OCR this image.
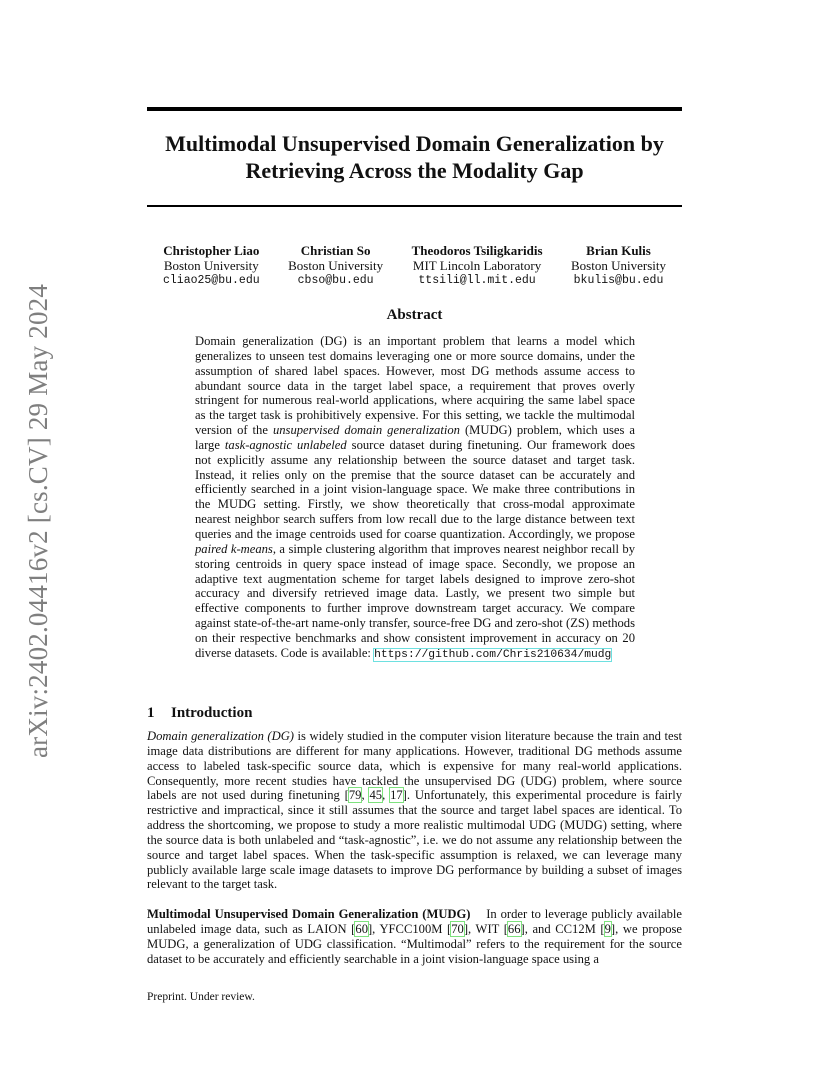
arXiv:2402.04416v2 [cs.CV] 29 May 2024
Multimodal Unsupervised Domain Generalization by Retrieving Across the Modality Gap
Christopher Liao
Boston University
cliao25@bu.edu
Christian So
Boston University
cbso@bu.edu
Theodoros Tsiligkaridis
MIT Lincoln Laboratory
ttsili@ll.mit.edu
Brian Kulis
Boston University
bkulis@bu.edu
Abstract
Domain generalization (DG) is an important problem that learns a model which generalizes to unseen test domains leveraging one or more source domains, under the assumption of shared label spaces. However, most DG methods assume access to abundant source data in the target label space, a requirement that proves overly stringent for numerous real-world applications, where acquiring the same label space as the target task is prohibitively expensive. For this setting, we tackle the multimodal version of the unsupervised domain generalization (MUDG) problem, which uses a large task-agnostic unlabeled source dataset during finetuning. Our framework does not explicitly assume any relationship between the source dataset and target task. Instead, it relies only on the premise that the source dataset can be accurately and efficiently searched in a joint vision-language space. We make three contributions in the MUDG setting. Firstly, we show theoretically that cross-modal approximate nearest neighbor search suffers from low recall due to the large distance between text queries and the image centroids used for coarse quantization. Accordingly, we propose paired k-means, a simple clustering algorithm that improves nearest neighbor recall by storing centroids in query space instead of image space. Secondly, we propose an adaptive text augmentation scheme for target labels designed to improve zero-shot accuracy and diversify retrieved image data. Lastly, we present two simple but effective components to further improve downstream target accuracy. We compare against state-of-the-art name-only transfer, source-free DG and zero-shot (ZS) methods on their respective benchmarks and show consistent improvement in accuracy on 20 diverse datasets. Code is available: https://github.com/Chris210634/mudg
1 Introduction
Domain generalization (DG) is widely studied in the computer vision literature because the train and test image data distributions are different for many applications. However, traditional DG methods assume access to labeled task-specific source data, which is expensive for many real-world applications. Consequently, more recent studies have tackled the unsupervised DG (UDG) problem, where source labels are not used during finetuning [79, 45, 17]. Unfortunately, this experimental procedure is fairly restrictive and impractical, since it still assumes that the source and target label spaces are identical. To address the shortcoming, we propose to study a more realistic multimodal UDG (MUDG) setting, where the source data is both unlabeled and “task-agnostic”, i.e. we do not assume any relationship between the source and target label spaces. When the task-specific assumption is relaxed, we can leverage many publicly available large scale image datasets to improve DG performance by building a subset of images relevant to the target task.
Multimodal Unsupervised Domain Generalization (MUDG) In order to leverage publicly available unlabeled image data, such as LAION [60], YFCC100M [70], WIT [66], and CC12M [9], we propose MUDG, a generalization of UDG classification. “Multimodal” refers to the requirement for the source dataset to be accurately and efficiently searchable in a joint vision-language space using a
Preprint. Under review.
